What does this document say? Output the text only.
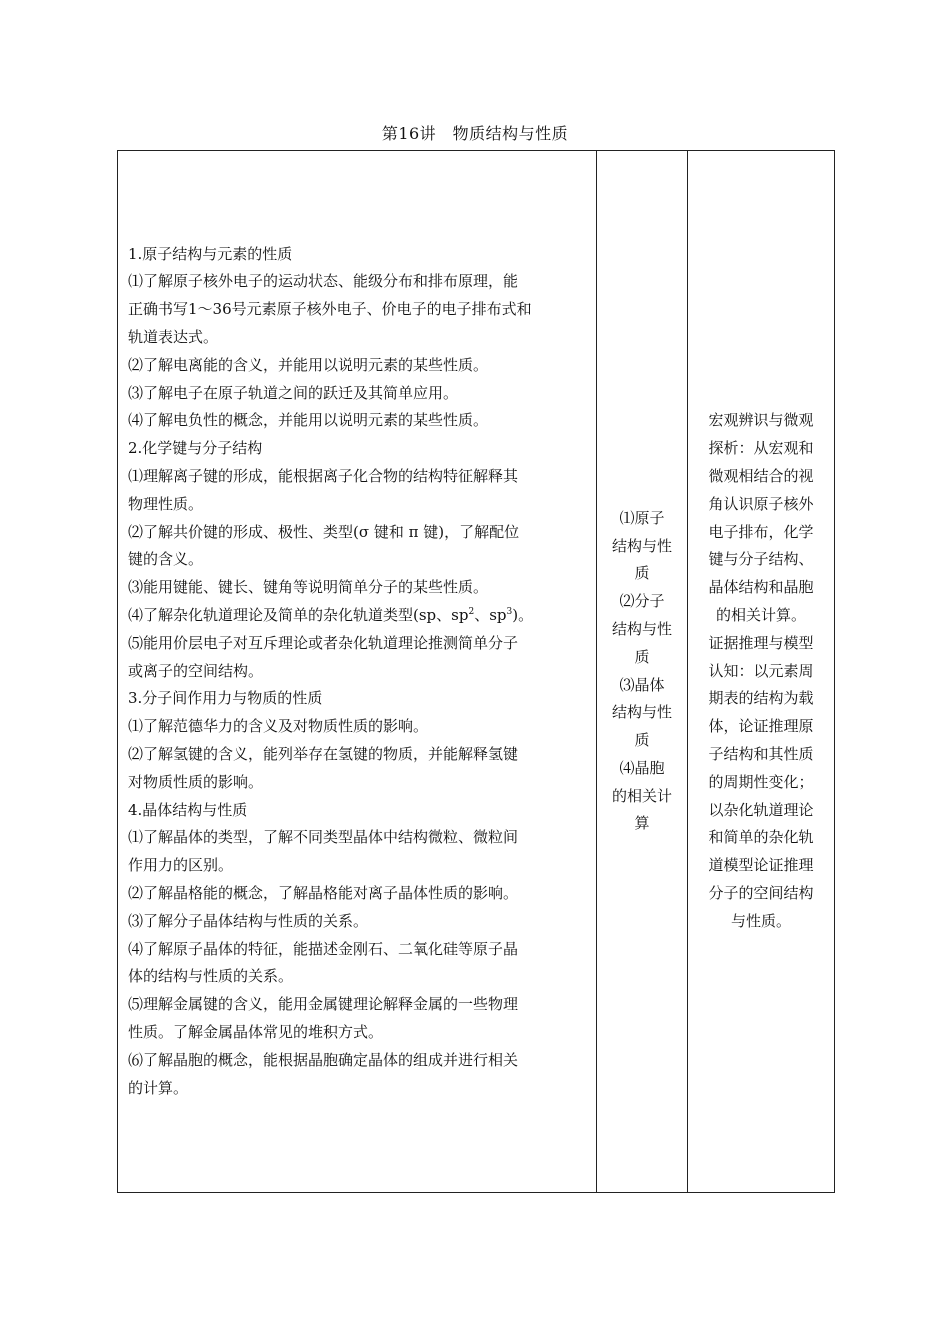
第16讲　物质结构与性质
1.原子结构与元素的性质
⑴了解原子核外电子的运动状态、能级分布和排布原理，能
正确书写1～36号元素原子核外电子、价电子的电子排布式和
轨道表达式。
⑵了解电离能的含义，并能用以说明元素的某些性质。
⑶了解电子在原子轨道之间的跃迁及其简单应用。
⑷了解电负性的概念，并能用以说明元素的某些性质。
2.化学键与分子结构
⑴理解离子键的形成，能根据离子化合物的结构特征解释其
物理性质。
⑵了解共价键的形成、极性、类型(σ 键和 π 键)，了解配位
键的含义。
⑶能用键能、键长、键角等说明简单分子的某些性质。
⑷了解杂化轨道理论及简单的杂化轨道类型(sp、$sp^2$、$sp^3$)。
⑸能用价层电子对互斥理论或者杂化轨道理论推测简单分子
或离子的空间结构。
3.分子间作用力与物质的性质
⑴了解范德华力的含义及对物质性质的影响。
⑵了解氢键的含义，能列举存在氢键的物质，并能解释氢键
对物质性质的影响。
4.晶体结构与性质
⑴了解晶体的类型，了解不同类型晶体中结构微粒、微粒间
作用力的区别。
⑵了解晶格能的概念，了解晶格能对离子晶体性质的影响。
⑶了解分子晶体结构与性质的关系。
⑷了解原子晶体的特征，能描述金刚石、二氧化硅等原子晶
体的结构与性质的关系。
⑸理解金属键的含义，能用金属键理论解释金属的一些物理
性质。了解金属晶体常见的堆积方式。
⑹了解晶胞的概念，能根据晶胞确定晶体的组成并进行相关
的计算。

⑴原子
结构与性
质
⑵分子
结构与性
质
⑶晶体
结构与性
质
⑷晶胞
的相关计
算

宏观辨识与微观
探析：从宏观和
微观相结合的视
角认识原子核外
电子排布，化学
键与分子结构、
晶体结构和晶胞
的相关计算。
证据推理与模型
认知：以元素周
期表的结构为载
体，论证推理原
子结构和其性质
的周期性变化；
以杂化轨道理论
和简单的杂化轨
道模型论证推理
分子的空间结构
与性质。
